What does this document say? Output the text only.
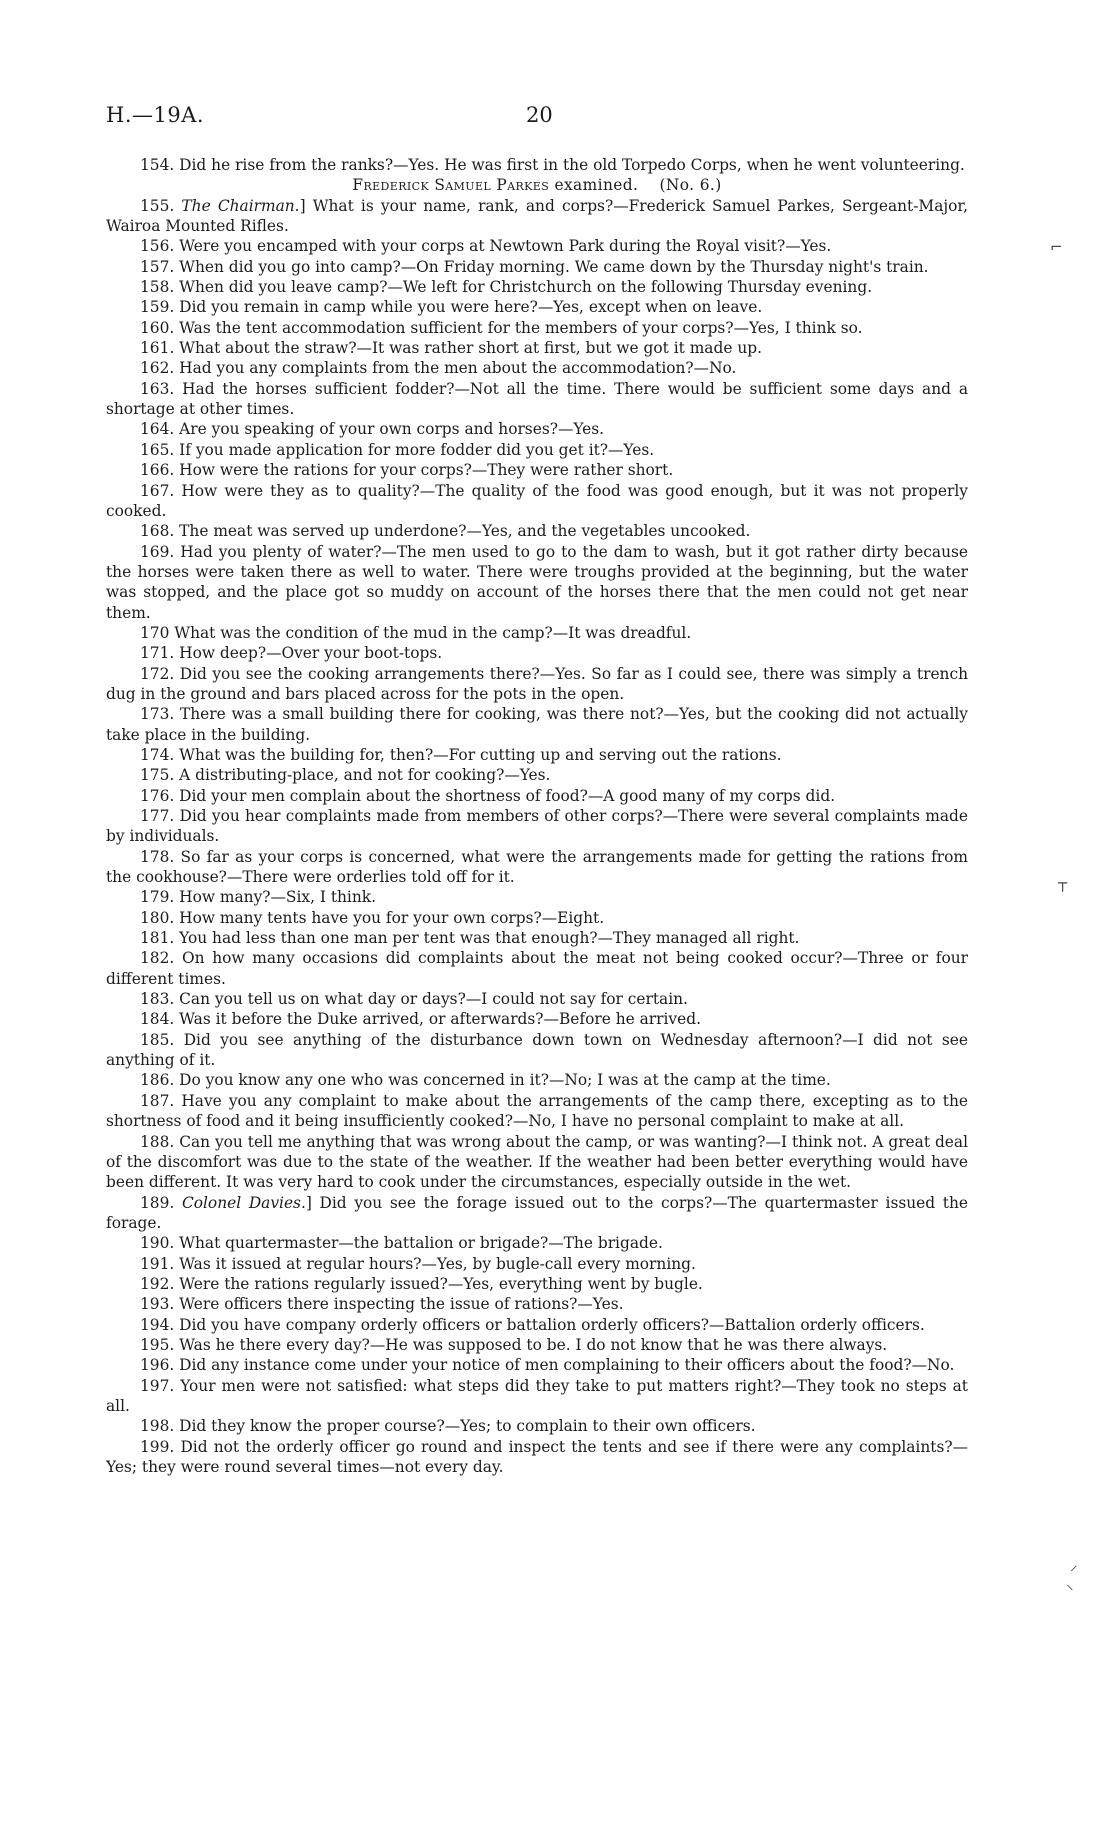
H.—19A.	20

154. Did he rise from the ranks?—Yes. He was first in the old Torpedo Corps, when he went volunteering.

Frederick Samuel Parkes examined.    (No. 6.)

155. The Chairman.] What is your name, rank, and corps?—Frederick Samuel Parkes, Sergeant-Major, Wairoa Mounted Rifles.

156. Were you encamped with your corps at Newtown Park during the Royal visit?—Yes.

157. When did you go into camp?—On Friday morning. We came down by the Thursday night's train.

158. When did you leave camp?—We left for Christchurch on the following Thursday evening.

159. Did you remain in camp while you were here?—Yes, except when on leave.

160. Was the tent accommodation sufficient for the members of your corps?—Yes, I think so.

161. What about the straw?—It was rather short at first, but we got it made up.

162. Had you any complaints from the men about the accommodation?—No.

163. Had the horses sufficient fodder?—Not all the time. There would be sufficient some days and a shortage at other times.

164. Are you speaking of your own corps and horses?—Yes.

165. If you made application for more fodder did you get it?—Yes.

166. How were the rations for your corps?—They were rather short.

167. How were they as to quality?—The quality of the food was good enough, but it was not properly cooked.

168. The meat was served up underdone?—Yes, and the vegetables uncooked.

169. Had you plenty of water?—The men used to go to the dam to wash, but it got rather dirty because the horses were taken there as well to water. There were troughs provided at the beginning, but the water was stopped, and the place got so muddy on account of the horses there that the men could not get near them.

170 What was the condition of the mud in the camp?—It was dreadful.

171. How deep?—Over your boot-tops.

172. Did you see the cooking arrangements there?—Yes. So far as I could see, there was simply a trench dug in the ground and bars placed across for the pots in the open.

173. There was a small building there for cooking, was there not?—Yes, but the cooking did not actually take place in the building.

174. What was the building for, then?—For cutting up and serving out the rations.

175. A distributing-place, and not for cooking?—Yes.

176. Did your men complain about the shortness of food?—A good many of my corps did.

177. Did you hear complaints made from members of other corps?—There were several complaints made by individuals.

178. So far as your corps is concerned, what were the arrangements made for getting the rations from the cookhouse?—There were orderlies told off for it.

179. How many?—Six, I think.

180. How many tents have you for your own corps?—Eight.

181. You had less than one man per tent was that enough?—They managed all right.

182. On how many occasions did complaints about the meat not being cooked occur?—Three or four different times.

183. Can you tell us on what day or days?—I could not say for certain.

184. Was it before the Duke arrived, or afterwards?—Before he arrived.

185. Did you see anything of the disturbance down town on Wednesday afternoon?—I did not see anything of it.

186. Do you know any one who was concerned in it?—No; I was at the camp at the time.

187. Have you any complaint to make about the arrangements of the camp there, excepting as to the shortness of food and it being insufficiently cooked?—No, I have no personal complaint to make at all.

188. Can you tell me anything that was wrong about the camp, or was wanting?—I think not. A great deal of the discomfort was due to the state of the weather. If the weather had been better everything would have been different. It was very hard to cook under the circumstances, especially outside in the wet.

189. Colonel Davies.] Did you see the forage issued out to the corps?—The quartermaster issued the forage.

190. What quartermaster—the battalion or brigade?—The brigade.

191. Was it issued at regular hours?—Yes, by bugle-call every morning.

192. Were the rations regularly issued?—Yes, everything went by bugle.

193. Were officers there inspecting the issue of rations?—Yes.

194. Did you have company orderly officers or battalion orderly officers?—Battalion orderly officers.

195. Was he there every day?—He was supposed to be. I do not know that he was there always.

196. Did any instance come under your notice of men complaining to their officers about the food?—No.

197. Your men were not satisfied: what steps did they take to put matters right?—They took no steps at all.

198. Did they know the proper course?—Yes; to complain to their own officers.

199. Did not the orderly officer go round and inspect the tents and see if there were any complaints?—Yes; they were round several times—not every day.

⌐
┬
⸝
⸜
